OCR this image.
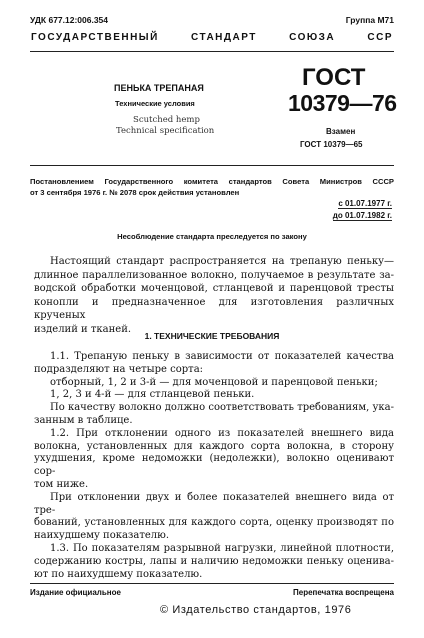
УДК 677.12:006.354	Группа М71
ГОСУДАРСТВЕННЫЙ СТАНДАРТ СОЮЗА ССР
ПЕНЬКА ТРЕПАНАЯ
Технические условия
Scutched hemp
Technical specification
ГОСТ
10379—76
Взамен
ГОСТ 10379—65
Постановлением Государственного комитета стандартов Совета Министров СССР
от 3 сентября 1976 г. № 2078 срок действия установлен
с 01.07.1977 г.
до 01.07.1982 г.
Несоблюдение стандарта преследуется по закону

Настоящий стандарт распространяется на трепаную пеньку—

длинное параллелизованное волокно, получаемое в результате за-

водской обработки моченцовой, стланцевой и паренцовой тресты

конопли и предназначенное для изготовления различных крученых

изделий и тканей.

1. ТЕХНИЧЕСКИЕ ТРЕБОВАНИЯ

1.1. Трепаную пеньку в зависимости от показателей качества

подразделяют на четыре сорта:

отборный, 1, 2 и 3-й — для моченцовой и паренцовой пеньки;

1, 2, 3 и 4-й — для стланцевой пеньки.

По качеству волокно должно соответствовать требованиям, ука-

занным в таблице.

1.2. При отклонении одного из показателей внешнего вида

волокна, установленных для каждого сорта волокна, в сторону

ухудшения, кроме недоможки (недолежки), волокно оценивают сор-

том ниже.

При отклонении двух и более показателей внешнего вида от тре-

бований, установленных для каждого сорта, оценку производят по

наихудшему показателю.

1.3. По показателям разрывной нагрузки, линейной плотности,

содержанию костры, лапы и наличию недоможки пеньку оценива-

ют по наихудшему показателю.

Издание официальное	Перепечатка воспрещена
© Издательство стандартов, 1976
